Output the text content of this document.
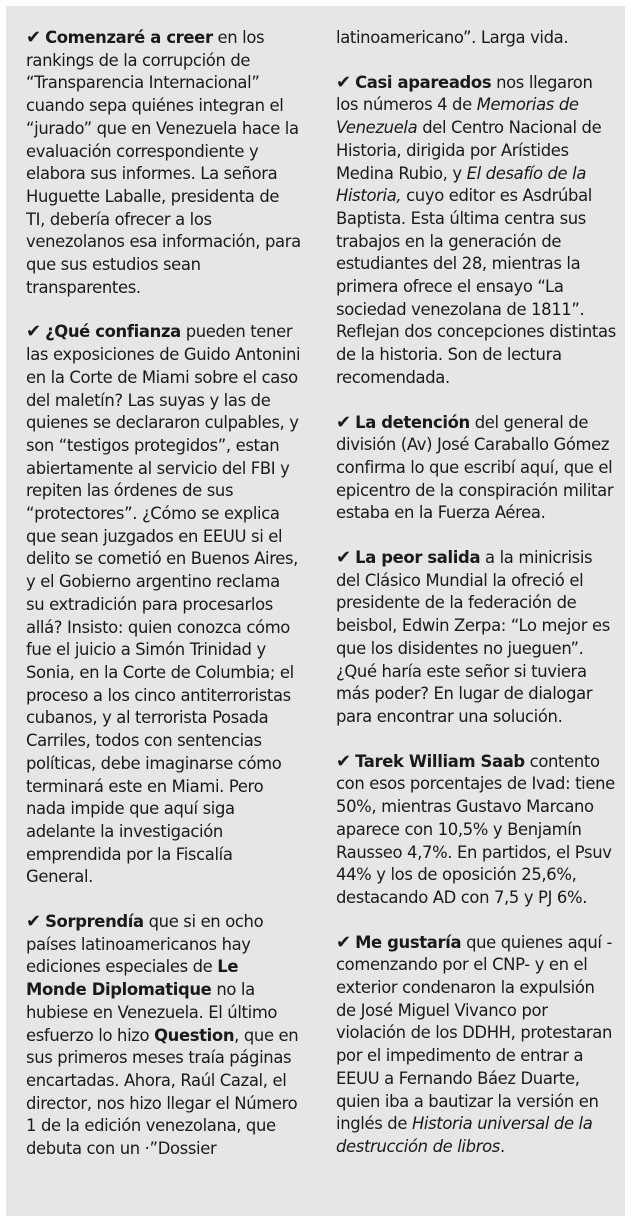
✔ Comenzaré a creer en los rankings de la corrupción de “Transparencia Internacional” cuando sepa quiénes integran el “jurado” que en Venezuela hace la evaluación correspondiente y elabora sus informes. La señora Huguette Laballe, presidenta de TI, debería ofrecer a los venezolanos esa información, para que sus estudios sean transparentes.

✔ ¿Qué confianza pueden tener las exposiciones de Guido Antonini en la Corte de Miami sobre el caso del maletín? Las suyas y las de quienes se declararon culpables, y son “testigos protegidos”, estan abiertamente al servicio del FBI y repiten las órdenes de sus “protectores”. ¿Cómo se explica que sean juzgados en EEUU si el delito se cometió en Buenos Aires, y el Gobierno argentino reclama su extradición para procesarlos allá? Insisto: quien conozca cómo fue el juicio a Simón Trinidad y Sonia, en la Corte de Columbia; el proceso a los cinco antiterroristas cubanos, y al terrorista Posada Carriles, todos con sentencias políticas, debe imaginarse cómo terminará este en Miami. Pero nada impide que aquí siga adelante la investigación emprendida por la Fiscalía General.

✔ Sorprendía que si en ocho países latinoamericanos hay ediciones especiales de Le Monde Diplomatique no la hubiese en Venezuela. El último esfuerzo lo hizo Question, que en sus primeros meses traía páginas encartadas. Ahora, Raúl Cazal, el director, nos hizo llegar el Número 1 de la edición venezolana, que debuta con un ·”Dossier

latinoamericano”. Larga vida.

✔ Casi apareados nos llegaron los números 4 de Memorias de Venezuela del Centro Nacional de Historia, dirigida por Arístides Medina Rubio, y El desafío de la Historia, cuyo editor es Asdrúbal Baptista. Esta última centra sus trabajos en la generación de estudiantes del 28, mientras la primera ofrece el ensayo “La sociedad venezolana de 1811”. Reflejan dos concepciones distintas de la historia. Son de lectura recomendada.

✔ La detención del general de división (Av) José Caraballo Gómez confirma lo que escribí aquí, que el epicentro de la conspiración militar estaba en la Fuerza Aérea.

✔ La peor salida a la minicrisis del Clásico Mundial la ofreció el presidente de la federación de beisbol, Edwin Zerpa: “Lo mejor es que los disidentes no jueguen”. ¿Qué haría este señor si tuviera más poder? En lugar de dialogar para encontrar una solución.

✔ Tarek William Saab contento con esos porcentajes de Ivad: tiene 50%, mientras Gustavo Marcano aparece con 10,5% y Benjamín Rausseo 4,7%. En partidos, el Psuv 44% y los de oposición 25,6%, destacando AD con 7,5 y PJ 6%.

✔ Me gustaría que quienes aquí -comenzando por el CNP- y en el exterior condenaron la expulsión de José Miguel Vivanco por violación de los DDHH, protestaran por el impedimento de entrar a EEUU a Fernando Báez Duarte, quien iba a bautizar la versión en inglés de Historia universal de la destrucción de libros.
